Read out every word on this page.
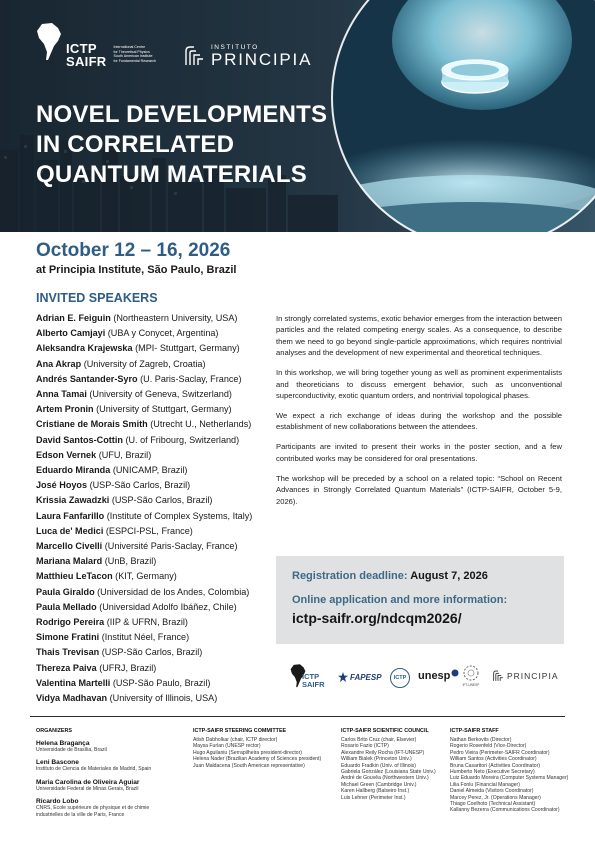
ICTP
SAIFR
International Centre
for Theoretical Physics
South American Institute
for Fundamental Research
INSTITUTO
PRINCIPIA
NOVEL DEVELOPMENTS
IN CORRELATED
QUANTUM MATERIALS
October 12 – 16, 2026
at Principia Institute, São Paulo, Brazil
INVITED SPEAKERS
Adrian E. Feiguin (Northeastern University, USA)
Alberto Camjayi (UBA y Conycet, Argentina)
Aleksandra Krajewska (MPI- Stuttgart, Germany)
Ana Akrap (University of Zagreb, Croatia)
Andrés Santander-Syro (U. Paris-Saclay, France)
Anna Tamai (University of Geneva, Switzerland)
Artem Pronin (University of Stuttgart, Germany)
Cristiane de Morais Smith (Utrecht U., Netherlands)
David Santos-Cottin (U. of Fribourg, Switzerland)
Edson Vernek (UFU, Brazil)
Eduardo Miranda (UNICAMP, Brazil)
José Hoyos (USP-São Carlos, Brazil)
Krissia Zawadzki (USP-São Carlos, Brazil)
Laura Fanfarillo (Institute of Complex Systems, Italy)
Luca de' Medici (ESPCI-PSL, France)
Marcello Civelli (Université Paris-Saclay, France)
Mariana Malard (UnB, Brazil)
Matthieu LeTacon (KIT, Germany)
Paula Giraldo (Universidad de los Andes, Colombia)
Paula Mellado (Universidad Adolfo Ibáñez, Chile)
Rodrigo Pereira (IIP & UFRN, Brazil)
Simone Fratini (Institut Néel, France)
Thais Trevisan (USP-São Carlos, Brazil)
Thereza Paiva (UFRJ, Brazil)
Valentina Martelli (USP-São Paulo, Brazil)
Vidya Madhavan (University of Illinois, USA)

In strongly correlated systems, exotic behavior emerges from the interaction between particles and the related competing energy scales. As a consequence, to describe them we need to go beyond single-particle approximations, which requires nontrivial analyses and the development of new experimental and theoretical techniques.

In this workshop, we will bring together young as well as prominent experimentalists and theoreticians to discuss emergent behavior, such as unconventional superconductivity, exotic quantum orders, and nontrivial topological phases.

We expect a rich exchange of ideas during the workshop and the possible establishment of new collaborations between the attendees.

Participants are invited to present their works in the poster section, and a few contributed works may be considered for oral presentations.

The workshop will be preceded by a school on a related topic: “School on Recent Advances in Strongly Correlated Quantum Materials” (ICTP-SAIFR, October 5-9, 2026).

Registration deadline: August 7, 2026
Online application and more information:
ictp-saifr.org/ndcqm2026/
ICTP
SAIFR
FAPESP ICTP unesp
IFT-UNESP
PRINCIPIA
ORGANIZERS
Helena Bragança
Universidade de Brasília, Brazil
Leni Bascone
Instituto de Ciencia de Materiales de Madrid, Spain
Maria Carolina de Oliveira Aguiar
Universidade Federal de Minas Gerais, Brazil
Ricardo Lobo
CNRS, Ecole supérieure de physique et de chimie
industrielles de la ville de Paris, France
ICTP-SAIFR STEERING COMMITTEE
Atish Dabholkar (chair, ICTP director)
Maysa Furlan (UNESP rector)
Hugo Aguilaniu (Serrapilheira president-director)
Helena Nader (Brazilian Academy of Sciences president)
Juan Maldacena (South American representative)
ICTP-SAIFR SCIENTIFIC COUNCIL
Carlos Brito Cruz (chair, Elsevier)
Rosario Fazio (ICTP)
Alexandre Reily Rocha (IFT-UNESP)
William Bialek (Princeton Univ.)
Eduardo Fradkin (Univ. of Illinois)
Gabriela González (Louisiana State Univ.)
André de Gouvêa (Northwestern Univ.)
Michael Green (Cambridge Univ.)
Karen Hallberg (Balseiro Inst.)
Luis Lehner (Perimeter Inst.)
ICTP-SAIFR STAFF
Nathan Berkovits (Director)
Rogerio Rosenfeld (Vice-Director)
Pedro Vieira (Perimeter-SAIFR Coordinator)
William Santos (Activities Coordinator)
Bruna Casarttori (Activities Coordinator)
Humberto Neto (Executive Secretary)
Luiz Eduardo Moreira (Computer Systems Manager)
Lilia Fonlu (Financial Manager)
Daniel Almeida (Visitors Coordinator)
Marcey Perez, Jr. (Operations Manager)
Thiago Coelhoto (Technical Assistant)
Kallanny Bezerra (Communications Coordinator)
